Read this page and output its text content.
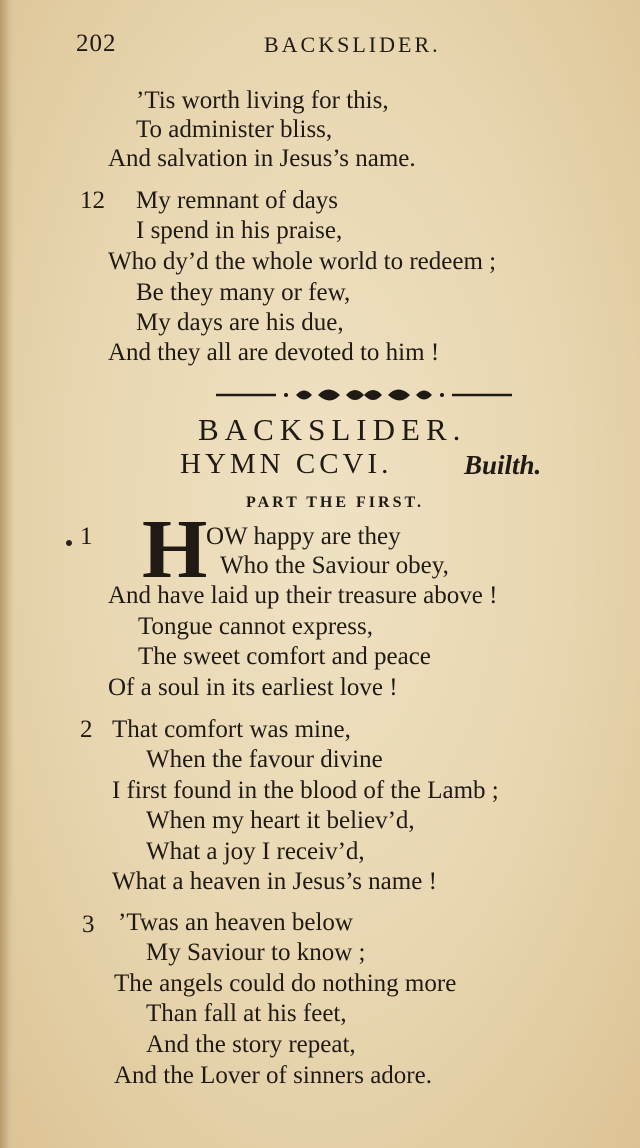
202	BACKSLIDER.
’Tis worth living for this,
To administer bliss,
And salvation in Jesus’s name.
12 My remnant of days
I spend in his praise,
Who dy’d the whole world to redeem ;
Be they many or few,
My days are his due,
And they all are devoted to him !
BACKSLIDER.
HYMN CCVI.	Builth.
PART THE FIRST.
1 H
OW happy are they
Who the Saviour obey,
And have laid up their treasure above !
Tongue cannot express,
The sweet comfort and peace
Of a soul in its earliest love !
2 That comfort was mine,
When the favour divine
I first found in the blood of the Lamb ;
When my heart it believ’d,
What a joy I receiv’d,
What a heaven in Jesus’s name !
3 ’Twas an heaven below
My Saviour to know ;
The angels could do nothing more
Than fall at his feet,
And the story repeat,
And the Lover of sinners adore.
